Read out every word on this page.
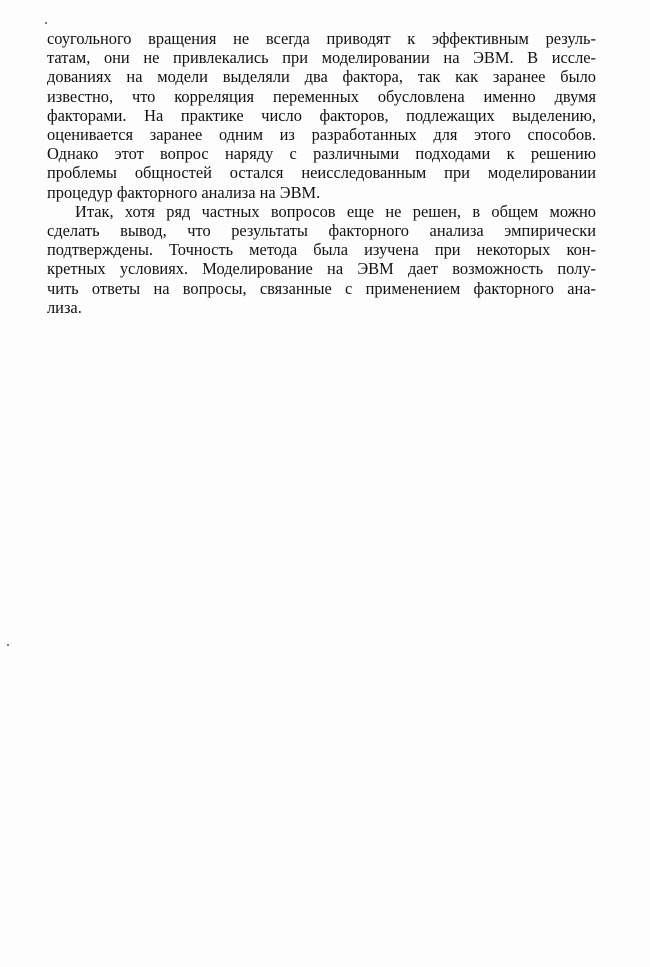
соугольного вращения не всегда приводят к эффективным резуль-
татам, они не привлекались при моделировании на ЭВМ. В иссле-
дованиях на модели выделяли два фактора, так как заранее было
известно, что корреляция переменных обусловлена именно двумя
факторами. На практике число факторов, подлежащих выделению,
оценивается заранее одним из разработанных для этого способов.
Однако этот вопрос наряду с различными подходами к решению
проблемы общностей остался неисследованным при моделировании
процедур факторного анализа на ЭВМ.
Итак, хотя ряд частных вопросов еще не решен, в общем можно
сделать вывод, что результаты факторного анализа эмпирически
подтверждены. Точность метода была изучена при некоторых кон-
кретных условиях. Моделирование на ЭВМ дает возможность полу-
чить ответы на вопросы, связанные с применением факторного ана-
лиза.
